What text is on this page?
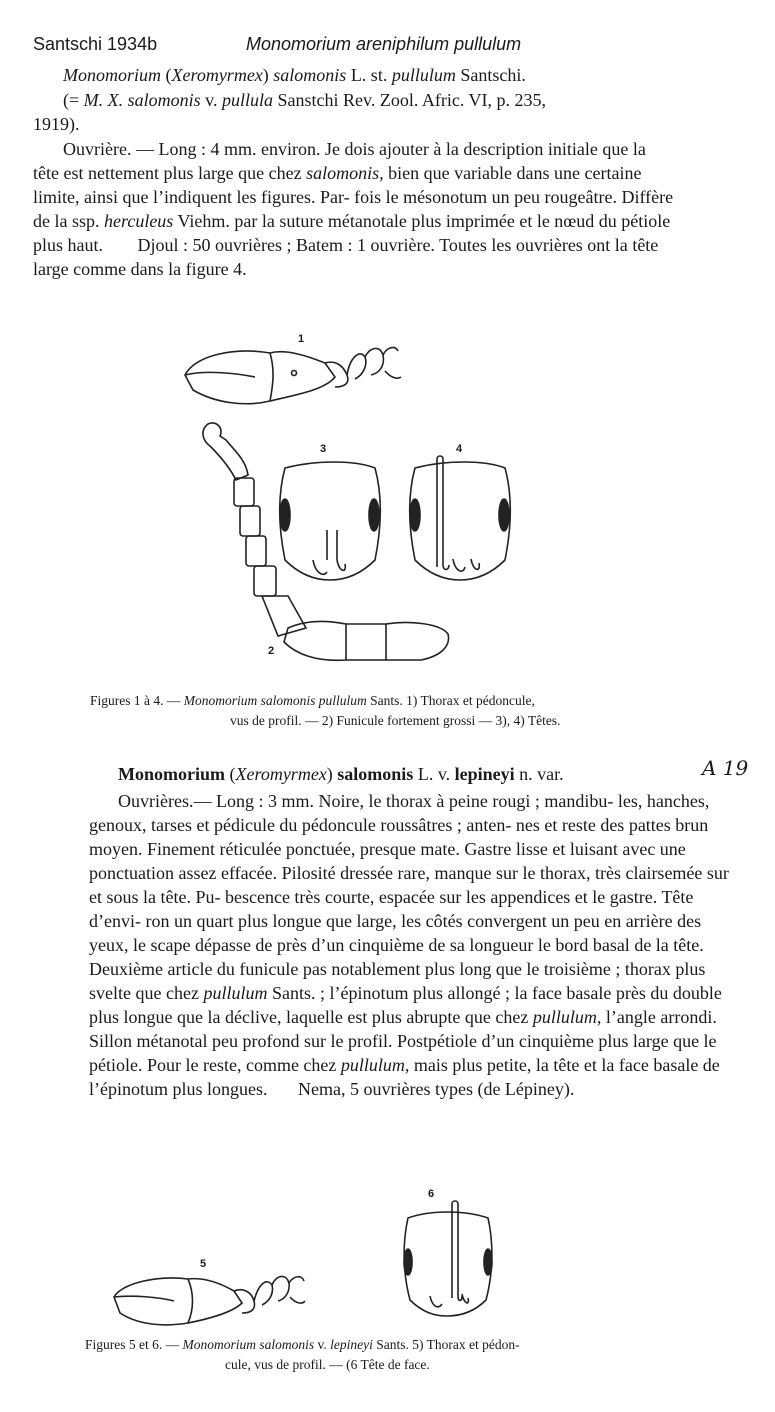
Santschi 1934b	Monomorium areniphilum pullulum
Monomorium (Xeromyrmex) salomonis L. st. pullulum Santschi.
(= M. X. salomonis v. pullula Sanstchi Rev. Zool. Afric. VI, p. 235,
1919).
Ouvrière. — Long : 4 mm. environ. Je dois ajouter à la description initiale que la tête est nettement plus large que chez salomonis, bien que variable dans une certaine limite, ainsi que l’indiquent les figures. Par- fois le mésonotum un peu rougeâtre. Diffère de la ssp. herculeus Viehm. par la suture métanotale plus imprimée et le nœud du pétiole plus haut. Djoul : 50 ouvrières ; Batem : 1 ouvrière. Toutes les ouvrières ont la tête large comme dans la figure 4.
1
2
3	4
Figures 1 à 4. — Monomorium salomonis pullulum Sants. 1) Thorax et pédoncule,
vus de profil. — 2) Funicule fortement grossi — 3), 4) Têtes.
Monomorium (Xeromyrmex) salomonis L. v. lepineyi n. var.	A 19
Ouvrières.— Long : 3 mm. Noire, le thorax à peine rougi ; mandibu- les, hanches, genoux, tarses et pédicule du pédoncule roussâtres ; anten- nes et reste des pattes brun moyen. Finement réticulée ponctuée, presque mate. Gastre lisse et luisant avec une ponctuation assez effacée. Pilosité dressée rare, manque sur le thorax, très clairsemée sur et sous la tête. Pu- bescence très courte, espacée sur les appendices et le gastre. Tête d’envi- ron un quart plus longue que large, les côtés convergent un peu en arrière des yeux, le scape dépasse de près d’un cinquième de sa longueur le bord basal de la tête. Deuxième article du funicule pas notablement plus long que le troisième ; thorax plus svelte que chez pullulum Sants. ; l’épinotum plus allongé ; la face basale près du double plus longue que la déclive, laquelle est plus abrupte que chez pullulum, l’angle arrondi. Sillon métanotal peu profond sur le profil. Postpétiole d’un cinquième plus large que le pétiole. Pour le reste, comme chez pullulum, mais plus petite, la tête et la face basale de l’épinotum plus longues. Nema, 5 ouvrières types (de Lépiney).
5
6
Figures 5 et 6. — Monomorium salomonis v. lepineyi Sants. 5) Thorax et pédon-
cule, vus de profil. — (6 Tête de face.
